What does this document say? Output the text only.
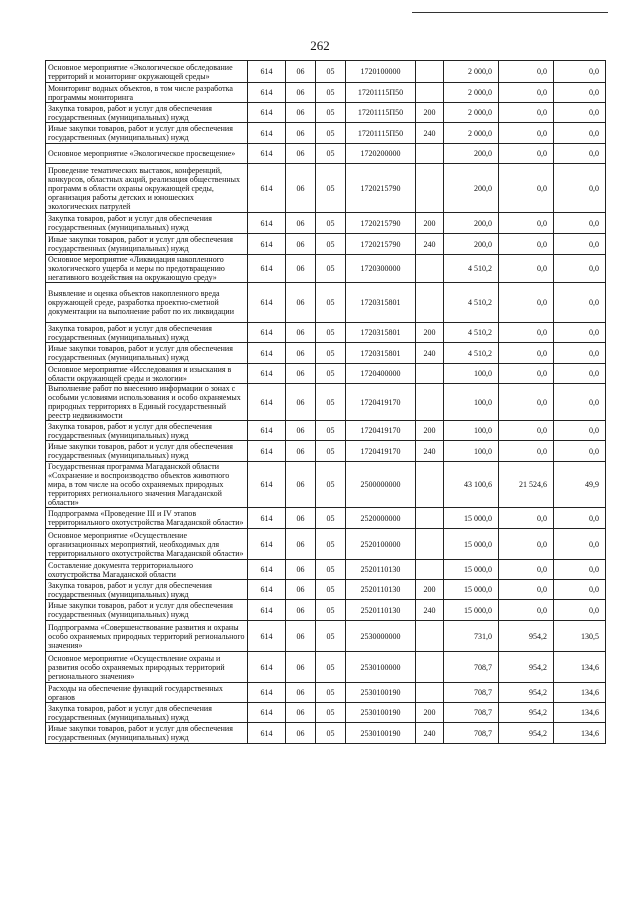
262
Основное мероприятие «Экологическое обследование территорий и мониторинг окружающей среды»	614	06	05	1720100000		2 000,0	0,0	0,0
Мониторинг водных объектов, в том числе разработка программы мониторинга	614	06	05	17201115П50		2 000,0	0,0	0,0
Закупка товаров, работ и услуг для обеспечения государственных (муниципальных) нужд	614	06	05	17201115П50	200	2 000,0	0,0	0,0
Иные закупки товаров, работ и услуг для обеспечения государственных (муниципальных) нужд	614	06	05	17201115П50	240	2 000,0	0,0	0,0
Основное мероприятие «Экологическое просвещение»	614	06	05	1720200000		200,0	0,0	0,0
Проведение тематических выставок, конференций, конкурсов, областных акций, реализация общественных программ в области охраны окружающей среды, организация работы детских и юношеских экологических патрулей	614	06	05	1720215790		200,0	0,0	0,0
Закупка товаров, работ и услуг для обеспечения государственных (муниципальных) нужд	614	06	05	1720215790	200	200,0	0,0	0,0
Иные закупки товаров, работ и услуг для обеспечения государственных (муниципальных) нужд	614	06	05	1720215790	240	200,0	0,0	0,0
Основное мероприятие «Ликвидация накопленного экологического ущерба и меры по предотвращению негативного воздействия на окружающую среду»	614	06	05	1720300000		4 510,2	0,0	0,0
Выявление и оценка объектов накопленного вреда окружающей среде, разработка проектно-сметной документации на выполнение работ по их ликвидации	614	06	05	1720315801		4 510,2	0,0	0,0
Закупка товаров, работ и услуг для обеспечения государственных (муниципальных) нужд	614	06	05	1720315801	200	4 510,2	0,0	0,0
Иные закупки товаров, работ и услуг для обеспечения государственных (муниципальных) нужд	614	06	05	1720315801	240	4 510,2	0,0	0,0
Основное мероприятие «Исследования и изыскания в области окружающей среды и экологии»	614	06	05	1720400000		100,0	0,0	0,0
Выполнение работ по внесению информации о зонах с особыми условиями использования и особо охраняемых природных территориях в Единый государственный реестр недвижимости	614	06	05	1720419170		100,0	0,0	0,0
Закупка товаров, работ и услуг для обеспечения государственных (муниципальных) нужд	614	06	05	1720419170	200	100,0	0,0	0,0
Иные закупки товаров, работ и услуг для обеспечения государственных (муниципальных) нужд	614	06	05	1720419170	240	100,0	0,0	0,0
Государственная программа Магаданской области «Сохранение и воспроизводство объектов животного мира, в том числе на особо охраняемых природных территориях регионального значения Магаданской области»	614	06	05	2500000000		43 100,6	21 524,6	49,9
Подпрограмма «Проведение III и IV этапов территориального охотустройства Магаданской области»	614	06	05	2520000000		15 000,0	0,0	0,0
Основное мероприятие «Осуществление организационных мероприятий, необходимых для территориального охотустройства Магаданской области»	614	06	05	2520100000		15 000,0	0,0	0,0
Составление документа территориального охотустройства Магаданской области	614	06	05	2520110130		15 000,0	0,0	0,0
Закупка товаров, работ и услуг для обеспечения государственных (муниципальных) нужд	614	06	05	2520110130	200	15 000,0	0,0	0,0
Иные закупки товаров, работ и услуг для обеспечения государственных (муниципальных) нужд	614	06	05	2520110130	240	15 000,0	0,0	0,0
Подпрограмма «Совершенствование развития и охраны особо охраняемых природных территорий регионального значения»	614	06	05	2530000000		731,0	954,2	130,5
Основное мероприятие «Осуществление охраны и развития особо охраняемых природных территорий регионального значения»	614	06	05	2530100000		708,7	954,2	134,6
Расходы на обеспечение функций государственных органов	614	06	05	2530100190		708,7	954,2	134,6
Закупка товаров, работ и услуг для обеспечения государственных (муниципальных) нужд	614	06	05	2530100190	200	708,7	954,2	134,6
Иные закупки товаров, работ и услуг для обеспечения государственных (муниципальных) нужд	614	06	05	2530100190	240	708,7	954,2	134,6
